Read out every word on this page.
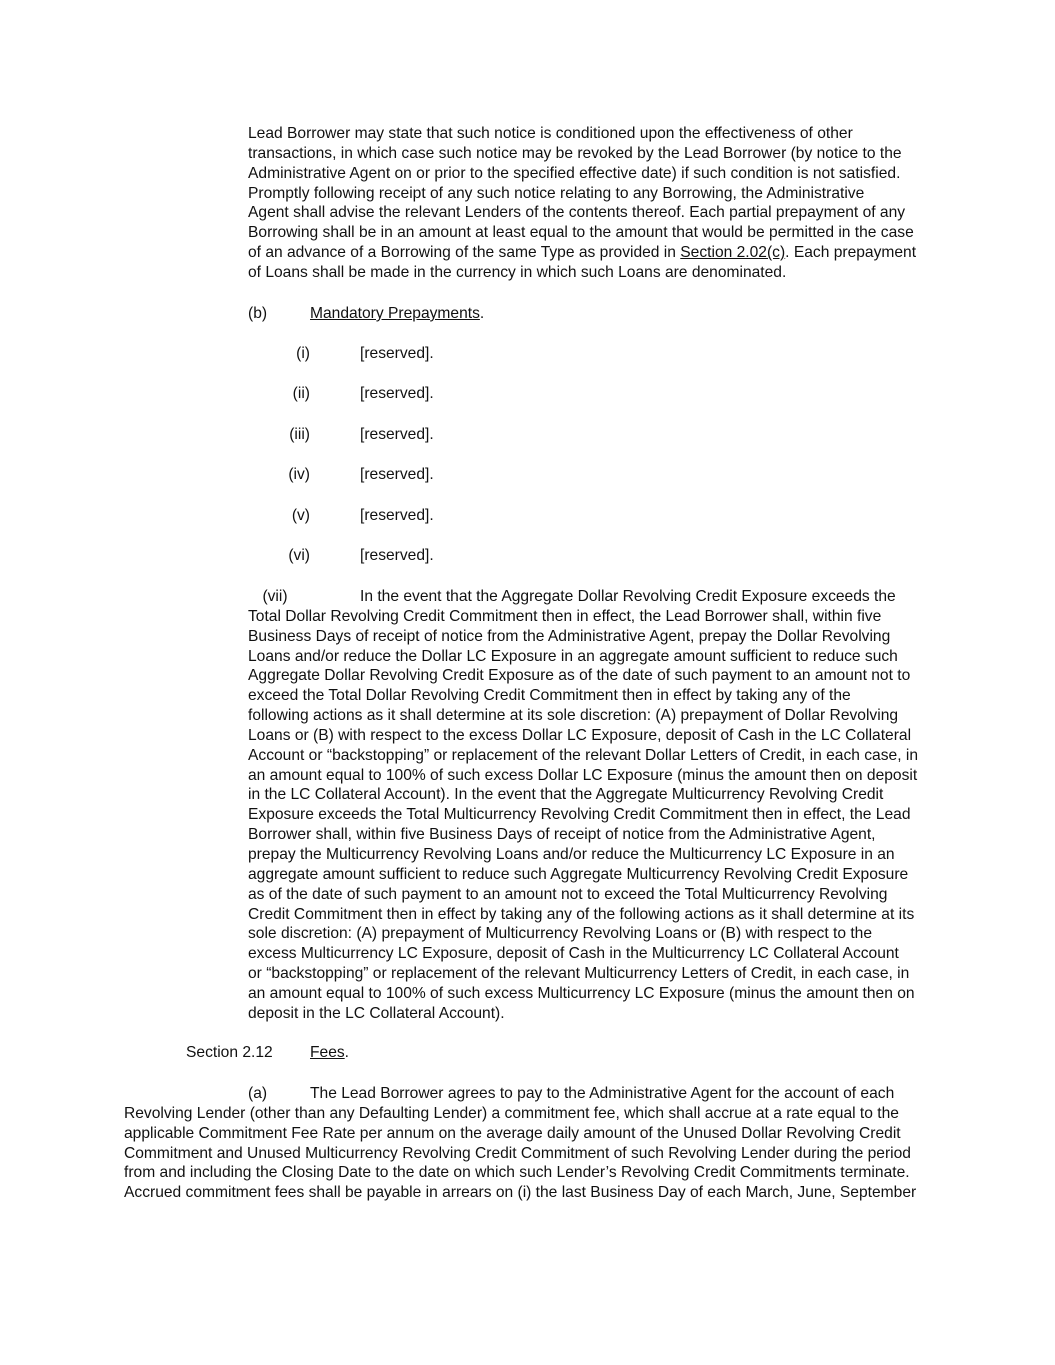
Lead Borrower may state that such notice is conditioned upon the effectiveness of other
transactions, in which case such notice may be revoked by the Lead Borrower (by notice to the
Administrative Agent on or prior to the specified effective date) if such condition is not satisfied.
Promptly following receipt of any such notice relating to any Borrowing, the Administrative
Agent shall advise the relevant Lenders of the contents thereof. Each partial prepayment of any
Borrowing shall be in an amount at least equal to the amount that would be permitted in the case
of an advance of a Borrowing of the same Type as provided in Section 2.02(c). Each prepayment
of Loans shall be made in the currency in which such Loans are denominated.
(b)	Mandatory Prepayments.
(i)	[reserved].
(ii)	[reserved].
(iii)	[reserved].
(iv)	[reserved].
(v)	[reserved].
(vi)	[reserved].
(vii)	In the event that the Aggregate Dollar Revolving Credit Exposure exceeds the
Total Dollar Revolving Credit Commitment then in effect, the Lead Borrower shall, within five
Business Days of receipt of notice from the Administrative Agent, prepay the Dollar Revolving
Loans and/or reduce the Dollar LC Exposure in an aggregate amount sufficient to reduce such
Aggregate Dollar Revolving Credit Exposure as of the date of such payment to an amount not to
exceed the Total Dollar Revolving Credit Commitment then in effect by taking any of the
following actions as it shall determine at its sole discretion: (A) prepayment of Dollar Revolving
Loans or (B) with respect to the excess Dollar LC Exposure, deposit of Cash in the LC Collateral
Account or “backstopping” or replacement of the relevant Dollar Letters of Credit, in each case, in
an amount equal to 100% of such excess Dollar LC Exposure (minus the amount then on deposit
in the LC Collateral Account). In the event that the Aggregate Multicurrency Revolving Credit
Exposure exceeds the Total Multicurrency Revolving Credit Commitment then in effect, the Lead
Borrower shall, within five Business Days of receipt of notice from the Administrative Agent,
prepay the Multicurrency Revolving Loans and/or reduce the Multicurrency LC Exposure in an
aggregate amount sufficient to reduce such Aggregate Multicurrency Revolving Credit Exposure
as of the date of such payment to an amount not to exceed the Total Multicurrency Revolving
Credit Commitment then in effect by taking any of the following actions as it shall determine at its
sole discretion: (A) prepayment of Multicurrency Revolving Loans or (B) with respect to the
excess Multicurrency LC Exposure, deposit of Cash in the Multicurrency LC Collateral Account
or “backstopping” or replacement of the relevant Multicurrency Letters of Credit, in each case, in
an amount equal to 100% of such excess Multicurrency LC Exposure (minus the amount then on
deposit in the LC Collateral Account).
Section 2.12 Fees.
(a)	The Lead Borrower agrees to pay to the Administrative Agent for the account of each
Revolving Lender (other than any Defaulting Lender) a commitment fee, which shall accrue at a rate equal to the
applicable Commitment Fee Rate per annum on the average daily amount of the Unused Dollar Revolving Credit
Commitment and Unused Multicurrency Revolving Credit Commitment of such Revolving Lender during the period
from and including the Closing Date to the date on which such Lender’s Revolving Credit Commitments terminate.
Accrued commitment fees shall be payable in arrears on (i) the last Business Day of each March, June, September
